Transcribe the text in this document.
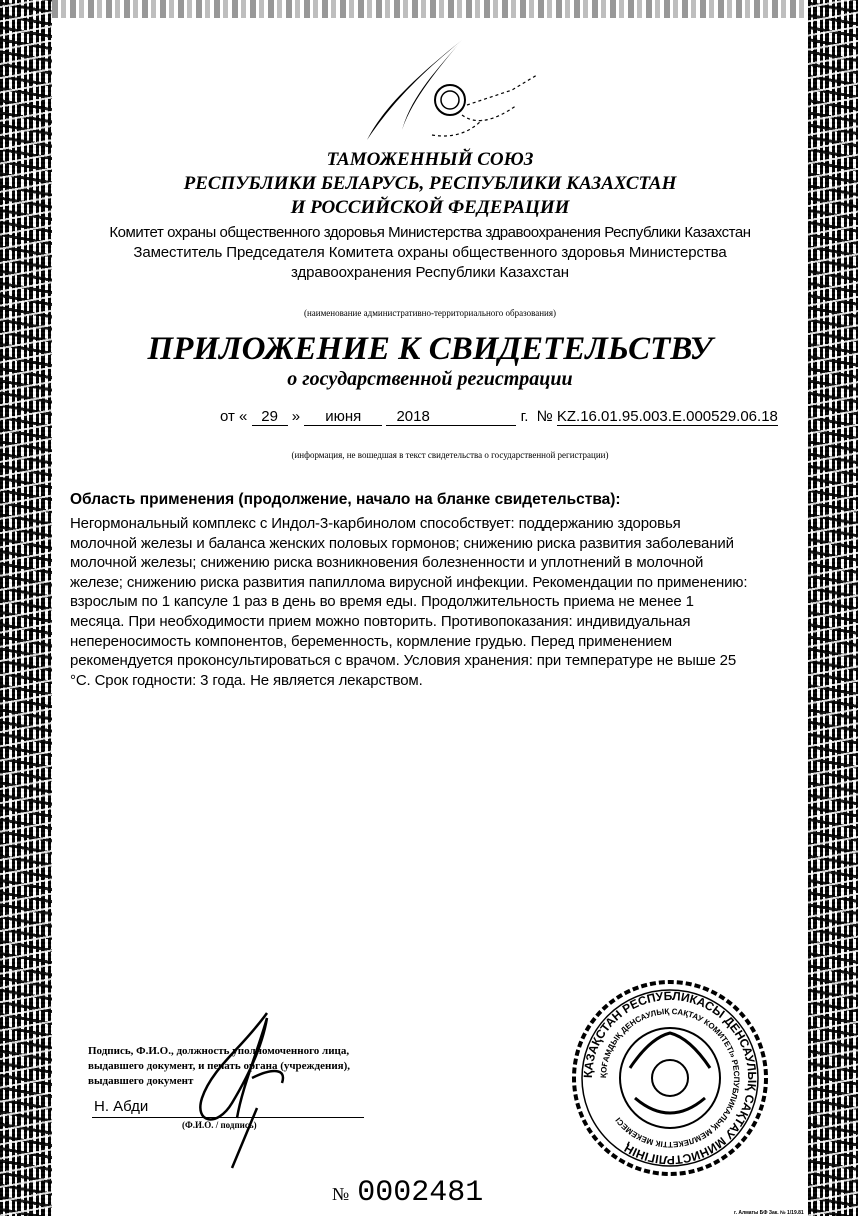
ТАМОЖЕННЫЙ СОЮЗ
РЕСПУБЛИКИ БЕЛАРУСЬ, РЕСПУБЛИКИ КАЗАХСТАН
И РОССИЙСКОЙ ФЕДЕРАЦИИ
Комитет охраны общественного здоровья Министерства здравоохранения Республики Казахстан
Заместитель Председателя Комитета охраны общественного здоровья Министерства
здравоохранения Республики Казахстан
(наименование административно-территориального образования)
ПРИЛОЖЕНИЕ К СВИДЕТЕЛЬСТВУ
о государственной регистрации
от « 29 » июня 2018	г. № KZ.16.01.95.003.Е.000529.06.18
(информация, не вошедшая в текст свидетельства о государственной регистрации)
Область применения (продолжение, начало на бланке свидетельства):
Негормональный комплекс с Индол-3-карбинолом способствует: поддержанию здоровья
молочной железы и баланса женских половых гормонов; снижению риска развития заболеваний
молочной железы; снижению риска возникновения болезненности и уплотнений в молочной
железе; снижению риска развития папиллома вирусной инфекции. Рекомендации по применению:
взрослым по 1 капсуле 1 раз в день во время еды. Продолжительность приема не менее 1
месяца. При необходимости прием можно повторить. Противопоказания: индивидуальная
непереносимость компонентов, беременность, кормление грудью. Перед применением
рекомендуется проконсультироваться с врачом. Условия хранения: при температуре не выше 25
°С. Срок годности: 3 года. Не является лекарством.
Подпись, Ф.И.О., должность уполномоченного лица,
выдавшего документ, и печать органа (учреждения),
выдавшего документ
Н. Абди
(Ф.И.О. / подпись)
ҚАЗАҚСТАН РЕСПУБЛИКАСЫ ДЕНСАУЛЫҚ САҚТАУ МИНИСТРЛІГІНІҢ
ҚОҒАМДЫҚ ДЕНСАУЛЫҚ САҚТАУ КОМИТЕТІ» РЕСПУБЛИКАЛЫҚ МЕМЛЕКЕТТІК МЕКЕМЕСІ
№ 0002481
г. Алматы БФ Зак. № 1/19.81
